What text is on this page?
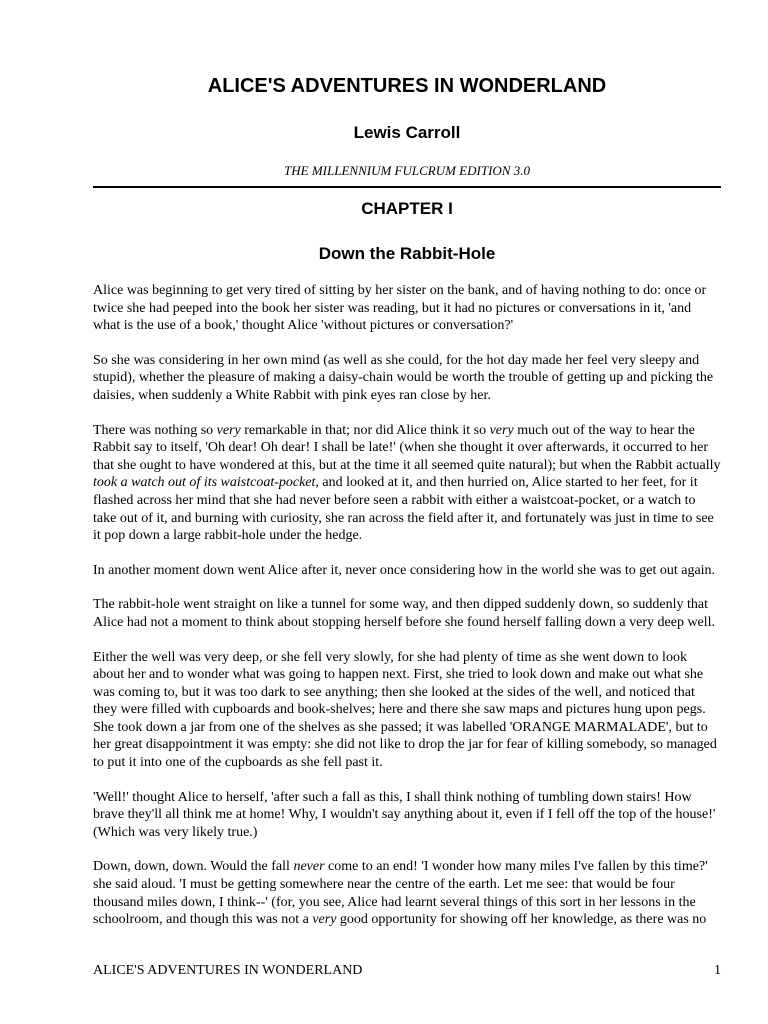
ALICE'S ADVENTURES IN WONDERLAND
Lewis Carroll

THE MILLENNIUM FULCRUM EDITION 3.0

CHAPTER I
Down the Rabbit-Hole

Alice was beginning to get very tired of sitting by her sister on the bank, and of having nothing to do: once or twice she had peeped into the book her sister was reading, but it had no pictures or conversations in it, 'and what is the use of a book,' thought Alice 'without pictures or conversation?'

So she was considering in her own mind (as well as she could, for the hot day made her feel very sleepy and stupid), whether the pleasure of making a daisy-chain would be worth the trouble of getting up and picking the daisies, when suddenly a White Rabbit with pink eyes ran close by her.

There was nothing so very remarkable in that; nor did Alice think it so very much out of the way to hear the Rabbit say to itself, 'Oh dear! Oh dear! I shall be late!' (when she thought it over afterwards, it occurred to her that she ought to have wondered at this, but at the time it all seemed quite natural); but when the Rabbit actually took a watch out of its waistcoat-pocket, and looked at it, and then hurried on, Alice started to her feet, for it flashed across her mind that she had never before seen a rabbit with either a waistcoat-pocket, or a watch to take out of it, and burning with curiosity, she ran across the field after it, and fortunately was just in time to see it pop down a large rabbit-hole under the hedge.

In another moment down went Alice after it, never once considering how in the world she was to get out again.

The rabbit-hole went straight on like a tunnel for some way, and then dipped suddenly down, so suddenly that Alice had not a moment to think about stopping herself before she found herself falling down a very deep well.

Either the well was very deep, or she fell very slowly, for she had plenty of time as she went down to look about her and to wonder what was going to happen next. First, she tried to look down and make out what she was coming to, but it was too dark to see anything; then she looked at the sides of the well, and noticed that they were filled with cupboards and book-shelves; here and there she saw maps and pictures hung upon pegs. She took down a jar from one of the shelves as she passed; it was labelled 'ORANGE MARMALADE', but to her great disappointment it was empty: she did not like to drop the jar for fear of killing somebody, so managed to put it into one of the cupboards as she fell past it.

'Well!' thought Alice to herself, 'after such a fall as this, I shall think nothing of tumbling down stairs! How brave they'll all think me at home! Why, I wouldn't say anything about it, even if I fell off the top of the house!' (Which was very likely true.)

Down, down, down. Would the fall never come to an end! 'I wonder how many miles I've fallen by this time?' she said aloud. 'I must be getting somewhere near the centre of the earth. Let me see: that would be four thousand miles down, I think--' (for, you see, Alice had learnt several things of this sort in her lessons in the schoolroom, and though this was not a very good opportunity for showing off her knowledge, as there was no

ALICE'S ADVENTURES IN WONDERLAND	1
